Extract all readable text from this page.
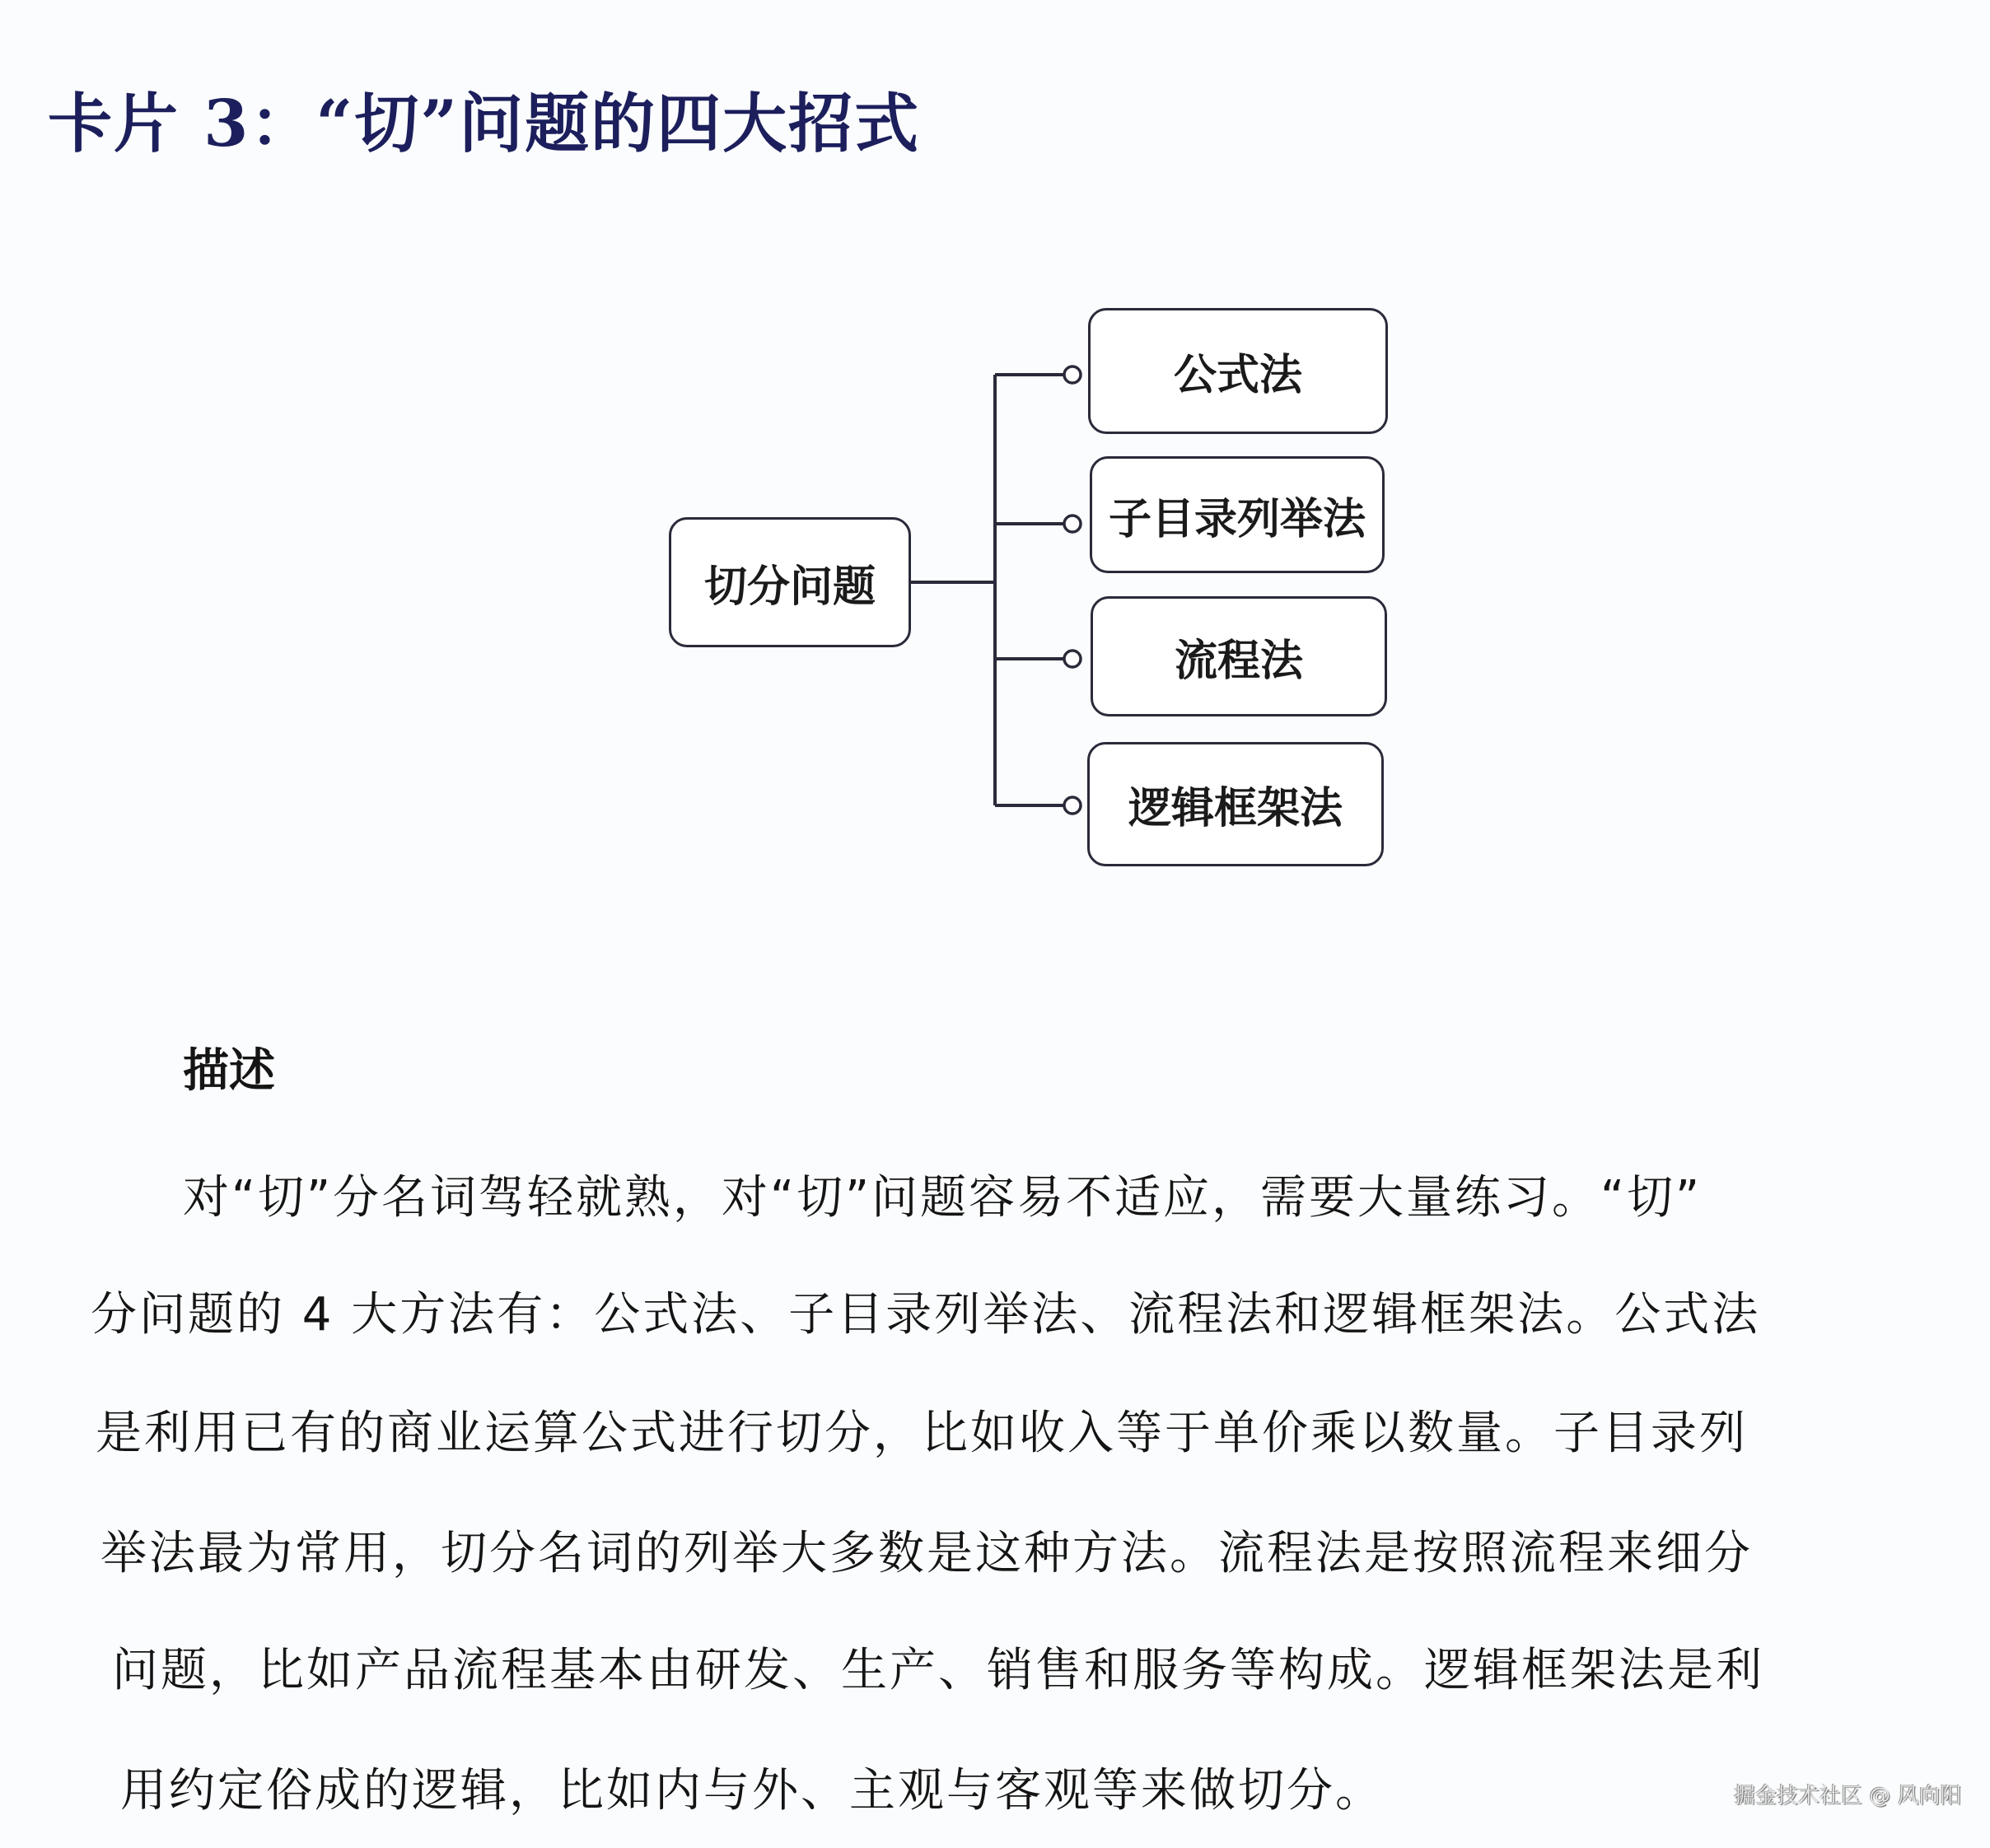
卡片 3：“切”问题的四大招式
切分问题
公式法
子目录列举法
流程法
逻辑框架法
描述
对“切”分名词驾轻就熟，对“切”问题容易不适应，需要大量练习。“切”
分问题的 4 大方法有：公式法、子目录列举法、流程法和逻辑框架法。公式法
是利用已有的商业运算公式进行切分，比如收入等于单价乘以数量。子目录列
举法最为常用，切分名词的列举大多数是这种方法。流程法是按照流程来细分
问题，比如产品流程基本由研发、生产、销售和服务等构成。逻辑框架法是利
用约定俗成的逻辑，比如内与外、主观与客观等来做切分。	掘金技术社区 @ 风向阳
